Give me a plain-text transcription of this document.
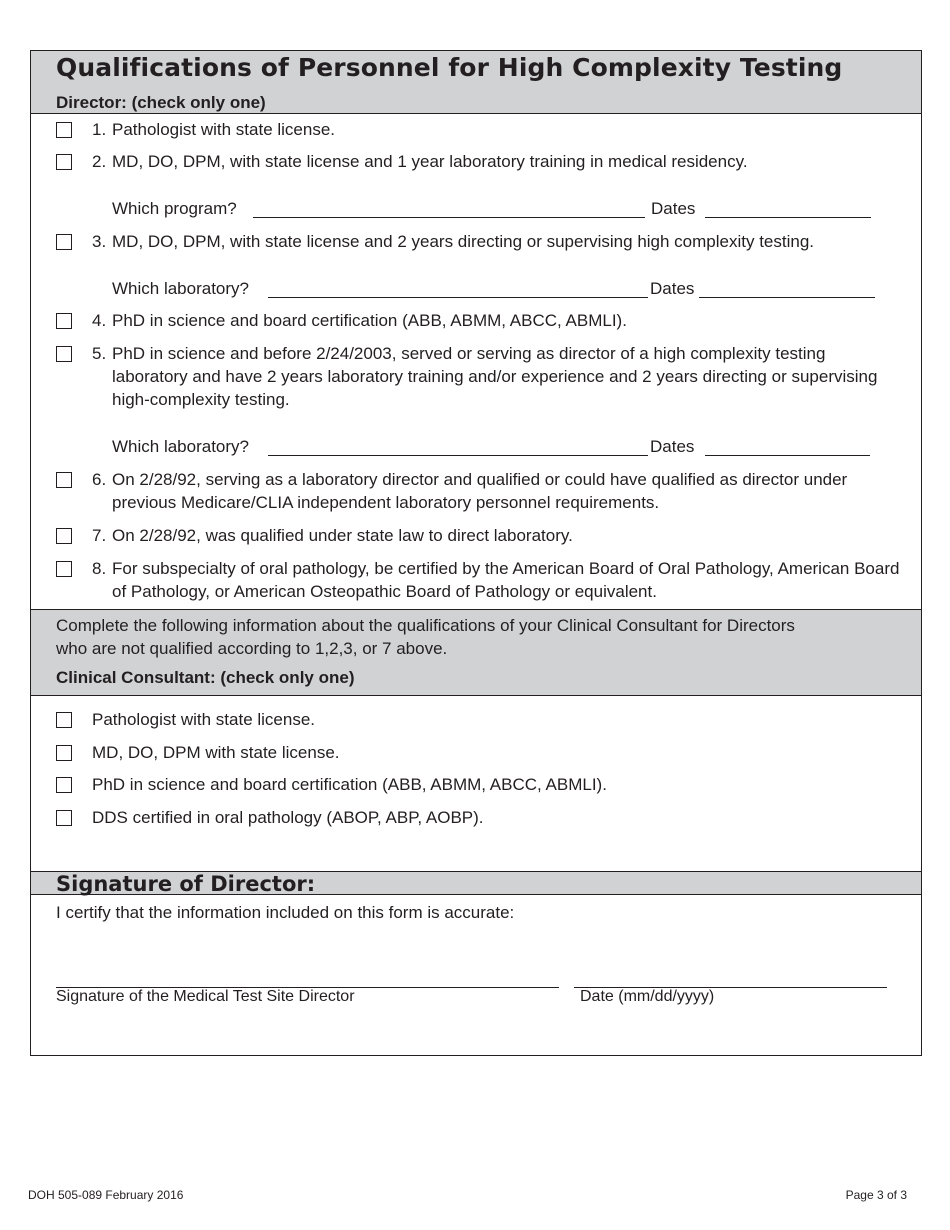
Qualifications of Personnel for High Complexity Testing
Director: (check only one)
1. Pathologist with state license.
2. MD, DO, DPM, with state license and 1 year laboratory training in medical residency.
Which program?	Dates
3. MD, DO, DPM, with state license and 2 years directing or supervising high complexity testing.
Which laboratory?	Dates
4. PhD in science and board certification (ABB, ABMM, ABCC, ABMLI).
5. PhD in science and before 2/24/2003, served or serving as director of a high complexity testing laboratory and have 2 years laboratory training and/or experience and 2 years directing or supervising high-complexity testing.
Which laboratory?	Dates
6. On 2/28/92, serving as a laboratory director and qualified or could have qualified as director under previous Medicare/CLIA independent laboratory personnel requirements.
7. On 2/28/92, was qualified under state law to direct laboratory.
8. For subspecialty of oral pathology, be certified by the American Board of Oral Pathology, American Board of Pathology, or American Osteopathic Board of Pathology or equivalent.
Complete the following information about the qualifications of your Clinical Consultant for Directors who are not qualified according to 1,2,3, or 7 above.
Clinical Consultant: (check only one)
Pathologist with state license.
MD, DO, DPM with state license.
PhD in science and board certification (ABB, ABMM, ABCC, ABMLI).
DDS certified in oral pathology (ABOP, ABP, AOBP).
Signature of Director:
I certify that the information included on this form is accurate:
Signature of the Medical Test Site Director	Date (mm/dd/yyyy)
DOH 505-089 February 2016	Page 3 of 3
